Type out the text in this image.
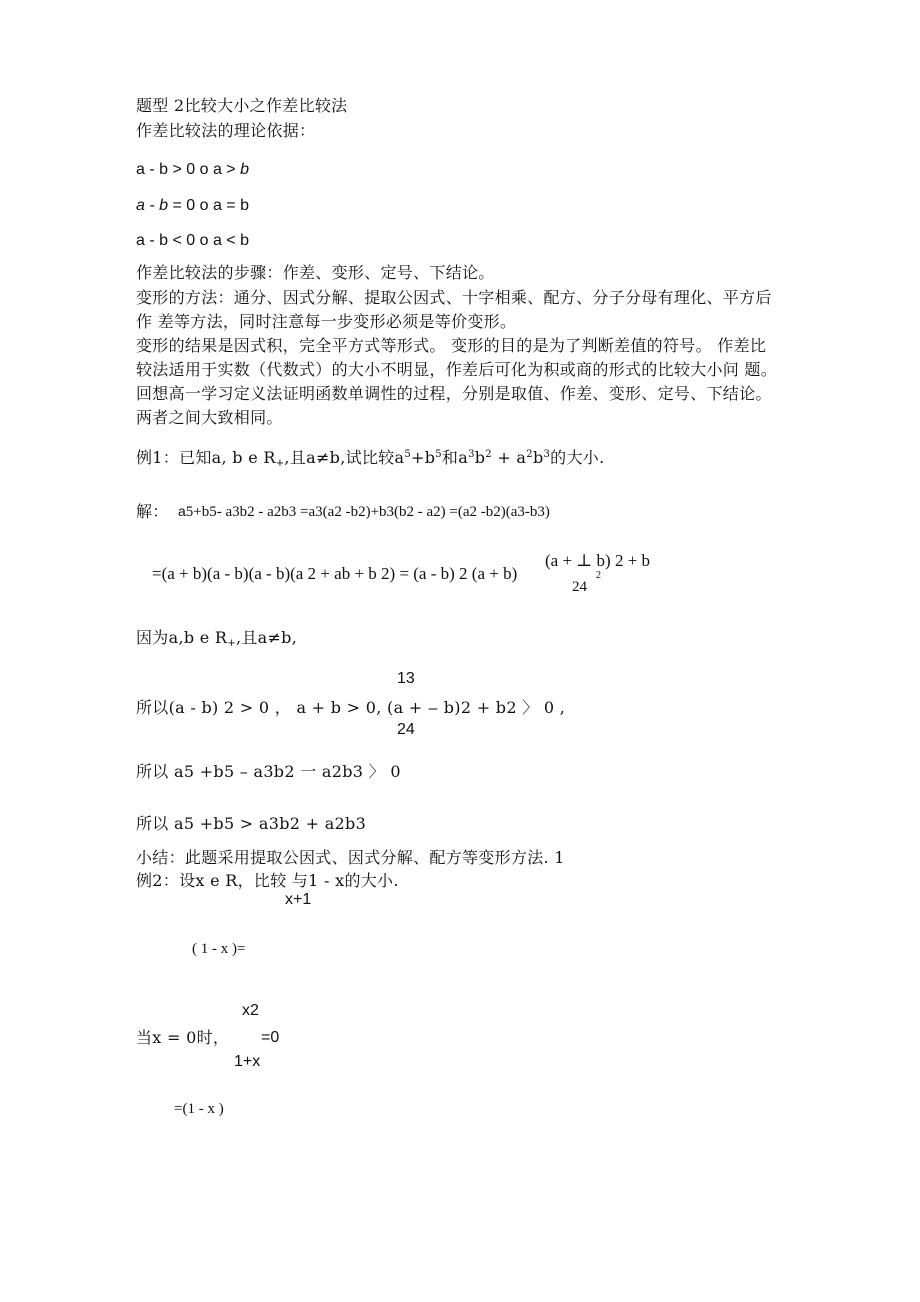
题型 2比较大小之作差比较法
作差比较法的理论依据：
a - b > 0 o a > b
a - b = 0 o a = b
a - b < 0 o a < b
作差比较法的步骤：作差、变形、定号、下结论。
变形的方法：通分、因式分解、提取公因式、十字相乘、配方、分子分母有理化、平方后
作 差等方法，同时注意每一步变形必须是等价变形。
变形的结果是因式积，完全平方式等形式。 变形的目的是为了判断差值的符号。 作差比
较法适用于实数（代数式）的大小不明显，作差后可化为积或商的形式的比较大小问 题。
回想高一学习定义法证明函数单调性的过程，分别是取值、作差、变形、定号、下结论。
两者之间大致相同。
例1：已知a, b e $R_+$,且a≠b,试比较$a^5+b^5$和$a^3b^2 + a^2b^3$的大小.
解： a5+b5- a3b2 - a2b3 =a3(a2 -b2)+b3(b2 - a2) =(a2 -b2)(a3-b3)
=(a + b)(a - b)(a - b)(a 2 + ab + b 2) = (a - b) 2 (a + b)
(a + ⊥ b) 2 + b
24
2
因为a,b e $R_+$,且a≠b,
13
所以(a - b) 2 > 0 ， a + b > 0, (a + ‒ b)2 + b2 〉 0 ,
24
所以 a5 +b5 – a3b2 一 a2b3 〉 0
所以 a5 +b5 > a3b2 + a2b3
小结：此题采用提取公因式、因式分解、配方等变形方法. 1
例2：设x e R，比较 与1 - x的大小.
x+1
( 1 - x )=
x2
当x = 0时， =0
1+x
=(1 - x )
